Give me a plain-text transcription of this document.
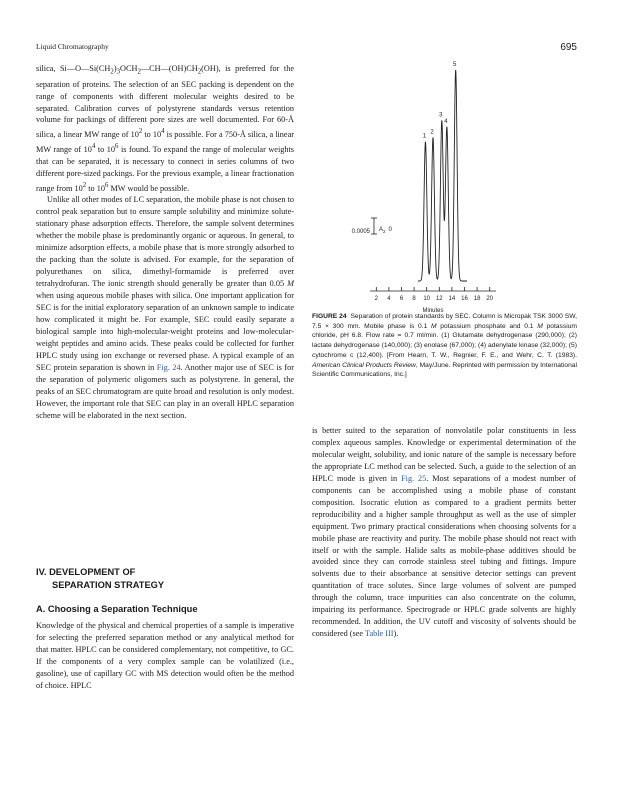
Liquid Chromatography	695

silica, $Si—O—Si(CH_2)_3OCH_2—CH—(OH)CH_2(OH)$, is preferred for the separation of proteins. The selection of an SEC packing is dependent on the range of components with different molecular weights desired to be separated. Calibration curves of polystyrene standards versus retention volume for packings of different pore sizes are well documented. For 60-Å silica, a linear MW range of $10^2$ to $10^4$ is possible. For a 750-Å silica, a linear MW range of $10^4$ to $10^6$ is found. To expand the range of molecular weights that can be separated, it is necessary to connect in series columns of two different pore-sized packings. For the previous example, a linear fractionation range from $10^2$ to $10^6$ MW would be possible.

Unlike all other modes of LC separation, the mobile phase is not chosen to control peak separation but to ensure sample solubility and minimize solute-stationary phase adsorption effects. Therefore, the sample solvent determines whether the mobile phase is predominantly organic or aqueous. In general, to minimize adsorption effects, a mobile phase that is more strongly adsorbed to the packing than the solute is advised. For example, for the separation of polyurethanes on silica, dimethyl-formamide is preferred over tetrahydrofuran. The ionic strength should generally be greater than 0.05 M when using aqueous mobile phases with silica. One important application for SEC is for the initial exploratory separation of an unknown sample to indicate how complicated it might be. For example, SEC could easily separate a biological sample into high-molecular-weight proteins and low-molecular-weight peptides and amino acids. These peaks could be collected for further HPLC study using ion exchange or reversed phase. A typical example of an SEC protein separation is shown in Fig. 24. Another major use of SEC is for the separation of polymeric oligomers such as polystyrene. In general, the peaks of an SEC chromatogram are quite broad and resolution is only modest. However, the important role that SEC can play in an overall HPLC separation scheme will be elaborated in the next section.

IV. DEVELOPMENT OF
SEPARATION STRATEGY
A. Choosing a Separation Technique

Knowledge of the physical and chemical properties of a sample is imperative for selecting the preferred separation method or any analytical method for that matter. HPLC can be considered complementary, not competitive, to GC. If the components of a very complex sample can be volatilized (i.e., gasoline), use of capillary GC with MS detection would often be the method of choice. HPLC

0.0005 $A_2$ 0
2 4 6 8 10 12 14 16 18 20
1
2
3
4
5
Minutes
FIGURE 24 Separation of protein standards by SEC. Column is Micropak TSK 3000 SW, 7.5 × 300 mm. Mobile phase is 0.1 M potassium phosphate and 0.1 M potassium chloride, pH 6.8. Flow rate = 0.7 ml/min. (1) Glutamate dehydrogenase (290,000); (2) lactate dehydrogenase (140,000); (3) enolase (67,000); (4) adenylate kinase (32,000); (5) cytochrome c (12,400). [From Hearn, T. W., Regnier, F. E., and Wehr, C. T. (1983). American Clinical Products Review, May/June. Reprinted with permission by International Scientific Communications, Inc.]

is better suited to the separation of nonvolatile polar constituents in less complex aqueous samples. Knowledge or experimental determination of the molecular weight, solubility, and ionic nature of the sample is necessary before the appropriate LC method can be selected. Such, a guide to the selection of an HPLC mode is given in Fig. 25. Most separations of a modest number of components can be accomplished using a mobile phase of constant composition. Isocratic elution as compared to a gradient permits better reproducibility and a higher sample throughput as well as the use of simpler equipment. Two primary practical considerations when choosing solvents for a mobile phase are reactivity and purity. The mobile phase should not react with itself or with the sample. Halide salts as mobile-phase additives should be avoided since they can corrode stainless steel tubing and fittings. Impure solvents due to their absorbance at sensitive detector settings can prevent quantitation of trace solutes. Since large volumes of solvent are pumped through the column, trace impurities can also concentrate on the column, impairing its performance. Spectrograde or HPLC grade solvents are highly recommended. In addition, the UV cutoff and viscosity of solvents should be considered (see Table III).
